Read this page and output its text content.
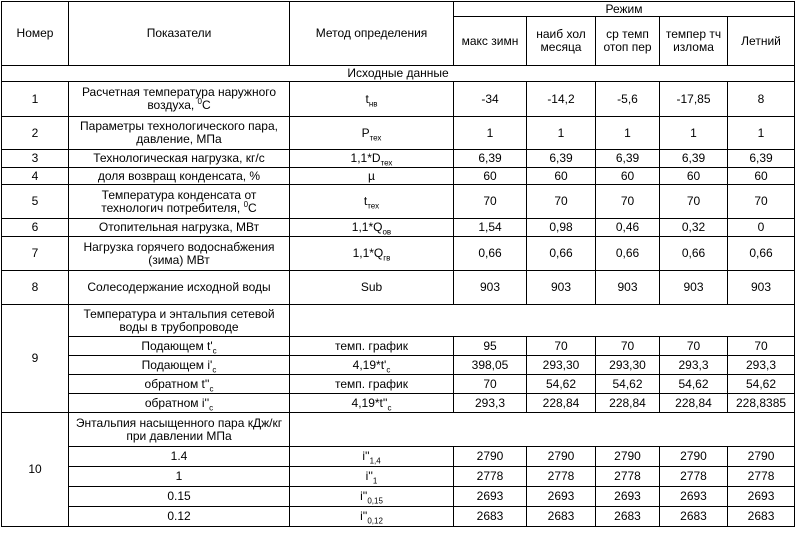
Номер	Показатели	Метод определения	Режим				
			макс зимн	наиб хол месяца	ср темп отоп пер	темпер тч излома	Летний
Исходные данные							
1	Расчетная температура наружного воздуха, $^0$C	$t_{нв}$	-34	-14,2	-5,6	-17,85	8
2	Параметры технологического пара, давление, МПа	$P_{тех}$	1	1	1	1	1
3	Технологическая нагрузка, кг/с	$1,1*D_{тех}$	6,39	6,39	6,39	6,39	6,39
4	доля возвращ конденсата, %	µ	60	60	60	60	60
5	Температура конденсата от технологич потребителя, $^0$C	$t_{тех}$	70	70	70	70	70
6	Отопительная нагрузка, МВт	$1,1*Q_{ов}$	1,54	0,98	0,46	0,32	0
7	Нагрузка горячего водоснабжения (зима) МВт	$1,1*Q_{гв}$	0,66	0,66	0,66	0,66	0,66
8	Солесодержание исходной воды	Sub	903	903	903	903	903
9	Температура и энтальпия сетевой воды в трубопроводе						
	Подающем $t'_c$	темп. график	95	70	70	70	70
	Подающем $i'_c$	$4,19*t'_c$	398,05	293,30	293,30	293,3	293,3
	обратном $t''_c$	темп. график	70	54,62	54,62	54,62	54,62
	обратном $i''_c$	$4,19*t''_c$	293,3	228,84	228,84	228,84	228,8385
10	Энтальпия насыщенного пара кДж/кг при давлении МПа						
	1.4	$i''_{1,4}$	2790	2790	2790	2790	2790
	1	$i''_1$	2778	2778	2778	2778	2778
	0.15	$i''_{0,15}$	2693	2693	2693	2693	2693
	0.12	$i''_{0,12}$	2683	2683	2683	2683	2683
